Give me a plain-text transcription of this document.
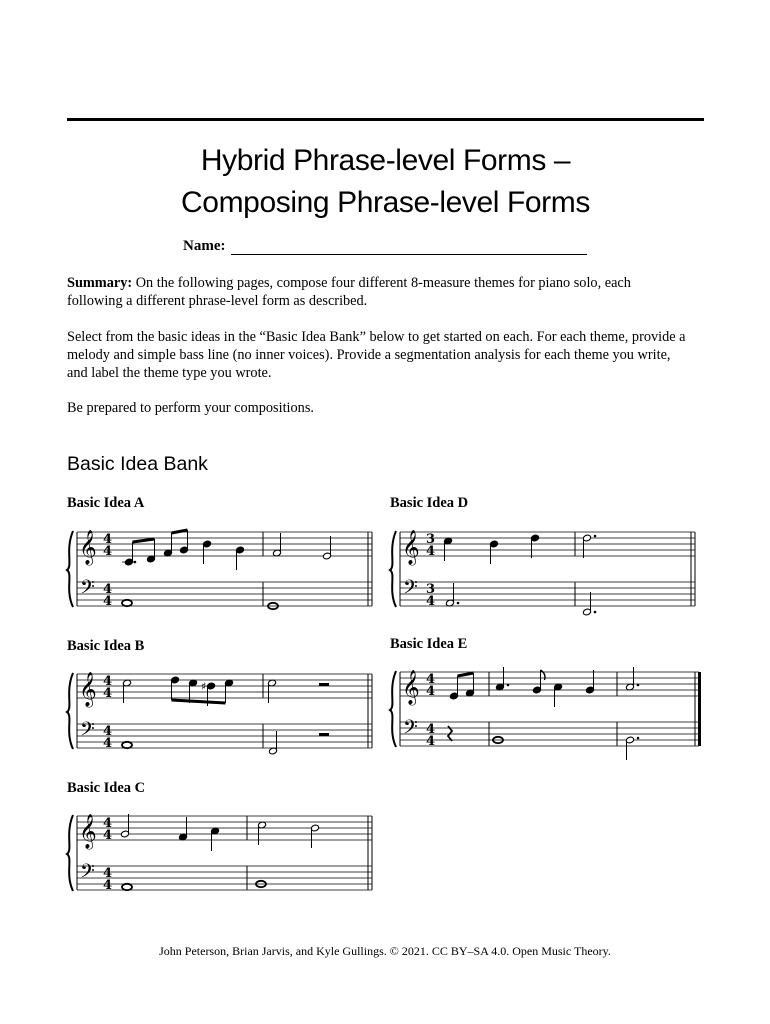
Hybrid Phrase-level Forms –
Composing Phrase-level Forms
Name:
Summary: On the following pages, compose four different 8-measure themes for piano solo, each following a different phrase-level form as described.
Select from the basic ideas in the “Basic Idea Bank” below to get started on each. For each theme, provide a melody and simple bass line (no inner voices). Provide a segmentation analysis for each theme you write, and label the theme type you wrote.
Be prepared to perform your compositions.
Basic Idea Bank
Basic Idea A
Basic Idea B
Basic Idea C
Basic Idea D
Basic Idea E
𝄞
𝄢
4
4
4
4
𝄞
𝄢
4
4
4
4
♯
𝄞
𝄢
4
4
4
4
𝄞
𝄢
3
4
3
4
𝄞
𝄢
4
4
4
4
John Peterson, Brian Jarvis, and Kyle Gullings. © 2021. CC BY–SA 4.0. Open Music Theory.
